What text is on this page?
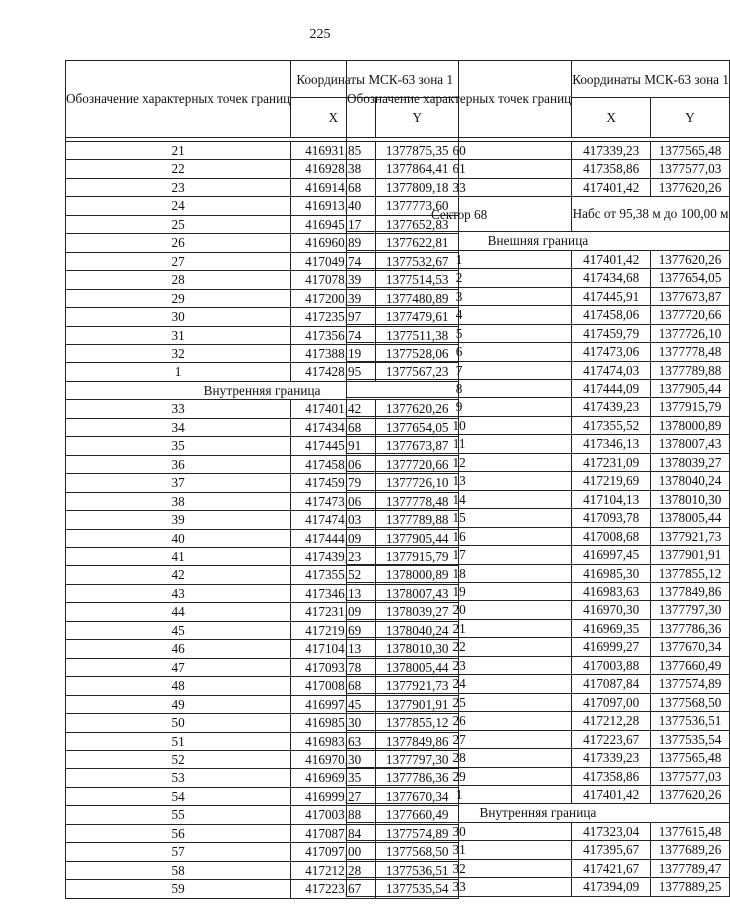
225
Обозначение характерных точек границ	Координаты МСК-63 зона 1	
	X	Y

21	416931,85	1377875,35
22	416928,38	1377864,41
23	416914,68	1377809,18
24	416913,40	1377773,60
25	416945,17	1377652,83
26	416960,89	1377622,81
27	417049,74	1377532,67
28	417078,39	1377514,53
29	417200,39	1377480,89
30	417235,97	1377479,61
31	417356,74	1377511,38
32	417388,19	1377528,06
1	417428,95	1377567,23
Внутренняя граница		
33	417401,42	1377620,26
34	417434,68	1377654,05
35	417445,91	1377673,87
36	417458,06	1377720,66
37	417459,79	1377726,10
38	417473,06	1377778,48
39	417474,03	1377789,88
40	417444,09	1377905,44
41	417439,23	1377915,79
42	417355,52	1378000,89
43	417346,13	1378007,43
44	417231,09	1378039,27
45	417219,69	1378040,24
46	417104,13	1378010,30
47	417093,78	1378005,44
48	417008,68	1377921,73
49	416997,45	1377901,91
50	416985,30	1377855,12
51	416983,63	1377849,86
52	416970,30	1377797,30
53	416969,35	1377786,36
54	416999,27	1377670,34
55	417003,88	1377660,49
56	417087,84	1377574,89
57	417097,00	1377568,50
58	417212,28	1377536,51
59	417223,67	1377535,54
Обозначение характерных точек границ	Координаты МСК-63 зона 1	
	X	Y

60	417339,23	1377565,48
61	417358,86	1377577,03
33	417401,42	1377620,26
Сектор 68	Набс от 95,38 м до 100,00 м	
Внешняя граница		
1	417401,42	1377620,26
2	417434,68	1377654,05
3	417445,91	1377673,87
4	417458,06	1377720,66
5	417459,79	1377726,10
6	417473,06	1377778,48
7	417474,03	1377789,88
8	417444,09	1377905,44
9	417439,23	1377915,79
10	417355,52	1378000,89
11	417346,13	1378007,43
12	417231,09	1378039,27
13	417219,69	1378040,24
14	417104,13	1378010,30
15	417093,78	1378005,44
16	417008,68	1377921,73
17	416997,45	1377901,91
18	416985,30	1377855,12
19	416983,63	1377849,86
20	416970,30	1377797,30
21	416969,35	1377786,36
22	416999,27	1377670,34
23	417003,88	1377660,49
24	417087,84	1377574,89
25	417097,00	1377568,50
26	417212,28	1377536,51
27	417223,67	1377535,54
28	417339,23	1377565,48
29	417358,86	1377577,03
1	417401,42	1377620,26
Внутренняя граница		
30	417323,04	1377615,48
31	417395,67	1377689,26
32	417421,67	1377789,47
33	417394,09	1377889,25
